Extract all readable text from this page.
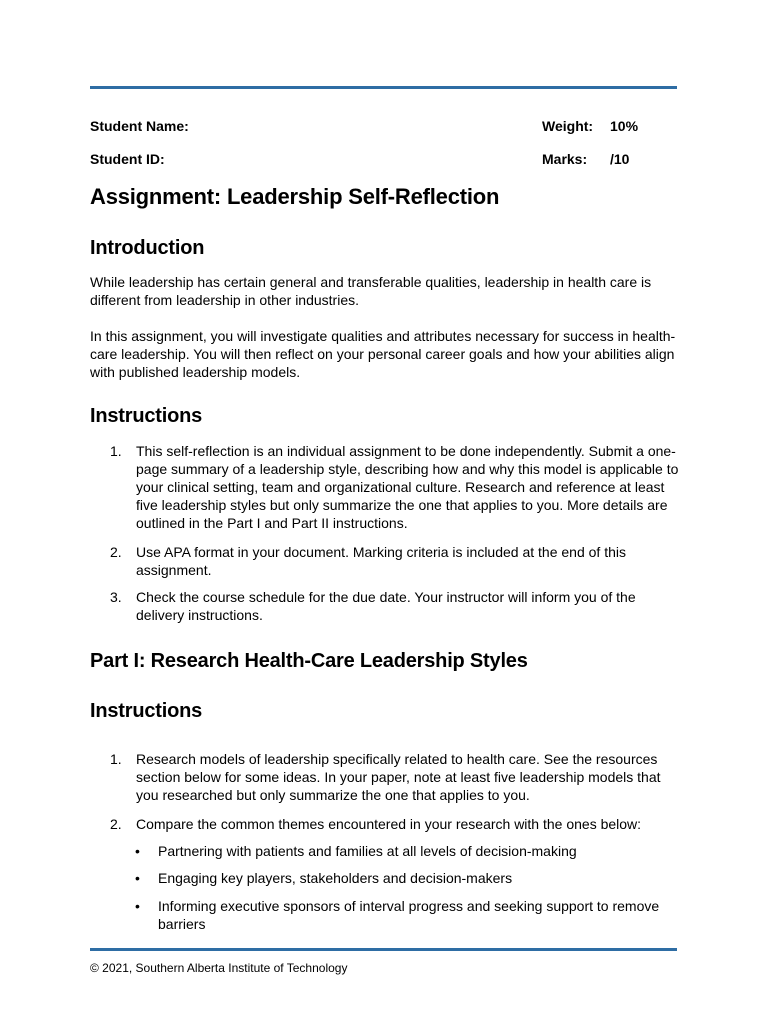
Student Name:	Weight: 10%
Student ID:	Marks: /10
Assignment: Leadership Self-Reflection
Introduction
While leadership has certain general and transferable qualities, leadership in health care is
different from leadership in other industries.
In this assignment, you will investigate qualities and attributes necessary for success in health-
care leadership. You will then reflect on your personal career goals and how your abilities align
with published leadership models.
Instructions
1. This self-reflection is an individual assignment to be done independently. Submit a one-
page summary of a leadership style, describing how and why this model is applicable to
your clinical setting, team and organizational culture. Research and reference at least
five leadership styles but only summarize the one that applies to you. More details are
outlined in the Part I and Part II instructions.
2. Use APA format in your document. Marking criteria is included at the end of this
assignment.
3. Check the course schedule for the due date. Your instructor will inform you of the
delivery instructions.
Part I: Research Health-Care Leadership Styles
Instructions
1. Research models of leadership specifically related to health care. See the resources
section below for some ideas. In your paper, note at least five leadership models that
you researched but only summarize the one that applies to you.
2. Compare the common themes encountered in your research with the ones below:
• Partnering with patients and families at all levels of decision-making
• Engaging key players, stakeholders and decision-makers
• Informing executive sponsors of interval progress and seeking support to remove
barriers
© 2021, Southern Alberta Institute of Technology
